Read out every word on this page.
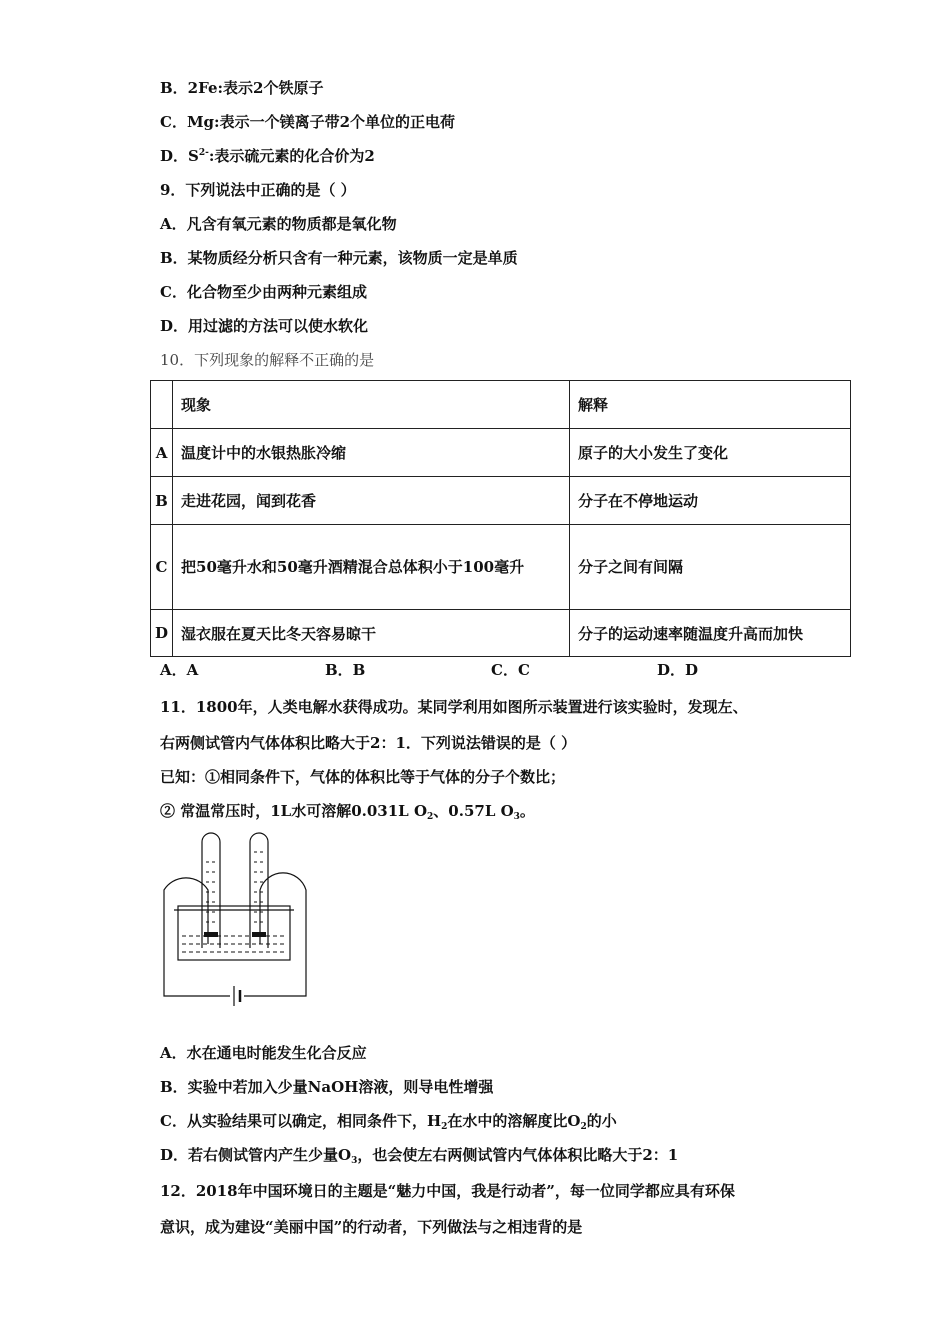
B．2Fe:表示2个铁原子
C．Mg:表示一个镁离子带2个单位的正电荷
D．$S^{2-}$:表示硫元素的化合价为2
9．下列说法中正确的是（ ）
A．凡含有氧元素的物质都是氧化物
B．某物质经分析只含有一种元素，该物质一定是单质
C．化合物至少由两种元素组成
D．用过滤的方法可以使水软化
10．下列现象的解释不正确的是
	现象	解释
A	温度计中的水银热胀冷缩	原子的大小发生了变化
B	走进花园，闻到花香	分子在不停地运动
C	把50毫升水和50毫升酒精混合总体积小于100毫升	分子之间有间隔
D	湿衣服在夏天比冬天容易晾干	分子的运动速率随温度升高而加快
A．A	B．B	C．C	D．D
11．1800年，人类电解水获得成功。某同学利用如图所示装置进行该实验时，发现左、
右两侧试管内气体体积比略大于2：1．下列说法错误的是（ ）
已知：①相同条件下，气体的体积比等于气体的分子个数比；
② 常温常压时，1L水可溶解0.031L $O_2$、0.57L $O_3$。
A．水在通电时能发生化合反应
B．实验中若加入少量NaOH溶液，则导电性增强
C．从实验结果可以确定，相同条件下，$H_2$在水中的溶解度比$O_2$的小
D．若右侧试管内产生少量$O_3$，也会使左右两侧试管内气体体积比略大于2：1
12．2018年中国环境日的主题是“魅力中国，我是行动者”，每一位同学都应具有环保
意识，成为建设“美丽中国”的行动者，下列做法与之相违背的是
